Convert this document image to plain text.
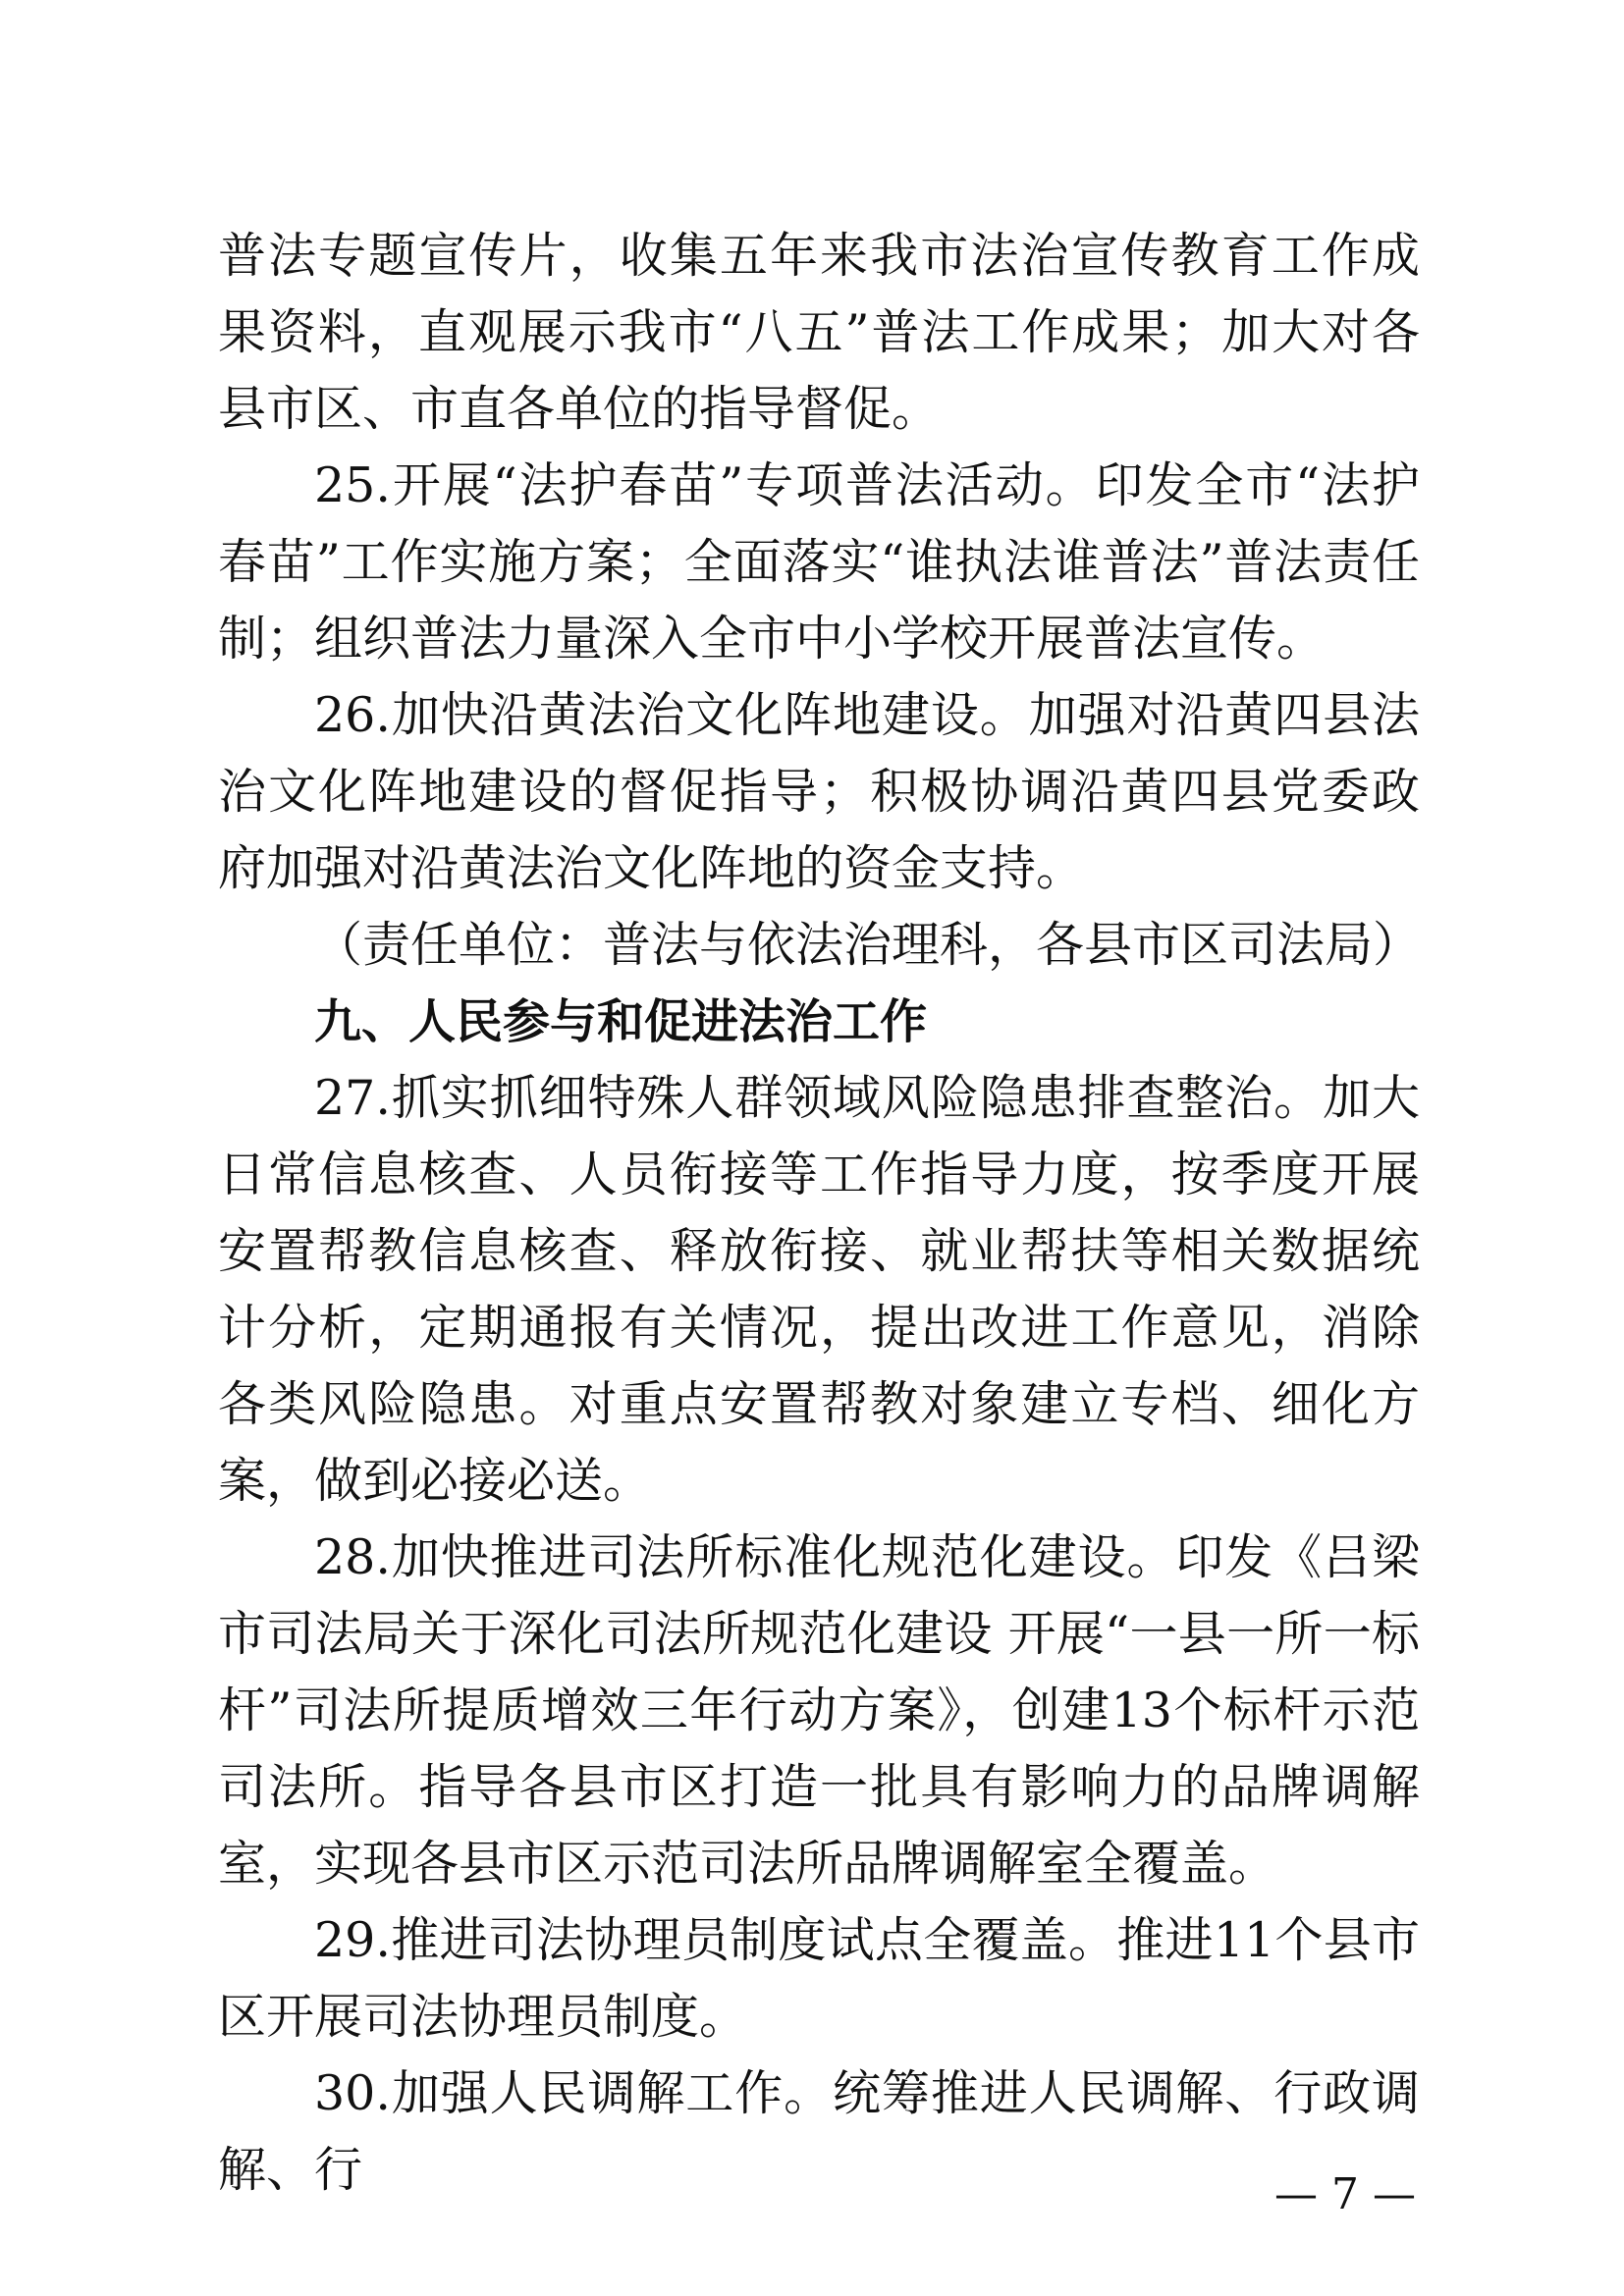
普法专题宣传片，收集五年来我市法治宣传教育工作成果资料，直观展示我市“八五”普法工作成果；加大对各县市区、市直各单位的指导督促。

25.开展“法护春苗”专项普法活动。印发全市“法护春苗”工作实施方案；全面落实“谁执法谁普法”普法责任制；组织普法力量深入全市中小学校开展普法宣传。

26.加快沿黄法治文化阵地建设。加强对沿黄四县法治文化阵地建设的督促指导；积极协调沿黄四县党委政府加强对沿黄法治文化阵地的资金支持。

（责任单位：普法与依法治理科，各县市区司法局）

九、人民参与和促进法治工作

27.抓实抓细特殊人群领域风险隐患排查整治。加大日常信息核查、人员衔接等工作指导力度，按季度开展安置帮教信息核查、释放衔接、就业帮扶等相关数据统计分析，定期通报有关情况，提出改进工作意见，消除各类风险隐患。对重点安置帮教对象建立专档、细化方案，做到必接必送。

28.加快推进司法所标准化规范化建设。印发《吕梁市司法局关于深化司法所规范化建设 开展“一县一所一标杆”司法所提质增效三年行动方案》，创建13个标杆示范司法所。指导各县市区打造一批具有影响力的品牌调解室，实现各县市区示范司法所品牌调解室全覆盖。

29.推进司法协理员制度试点全覆盖。推进11个县市区开展司法协理员制度。

30.加强人民调解工作。统筹推进人民调解、行政调解、行	— 7 —
